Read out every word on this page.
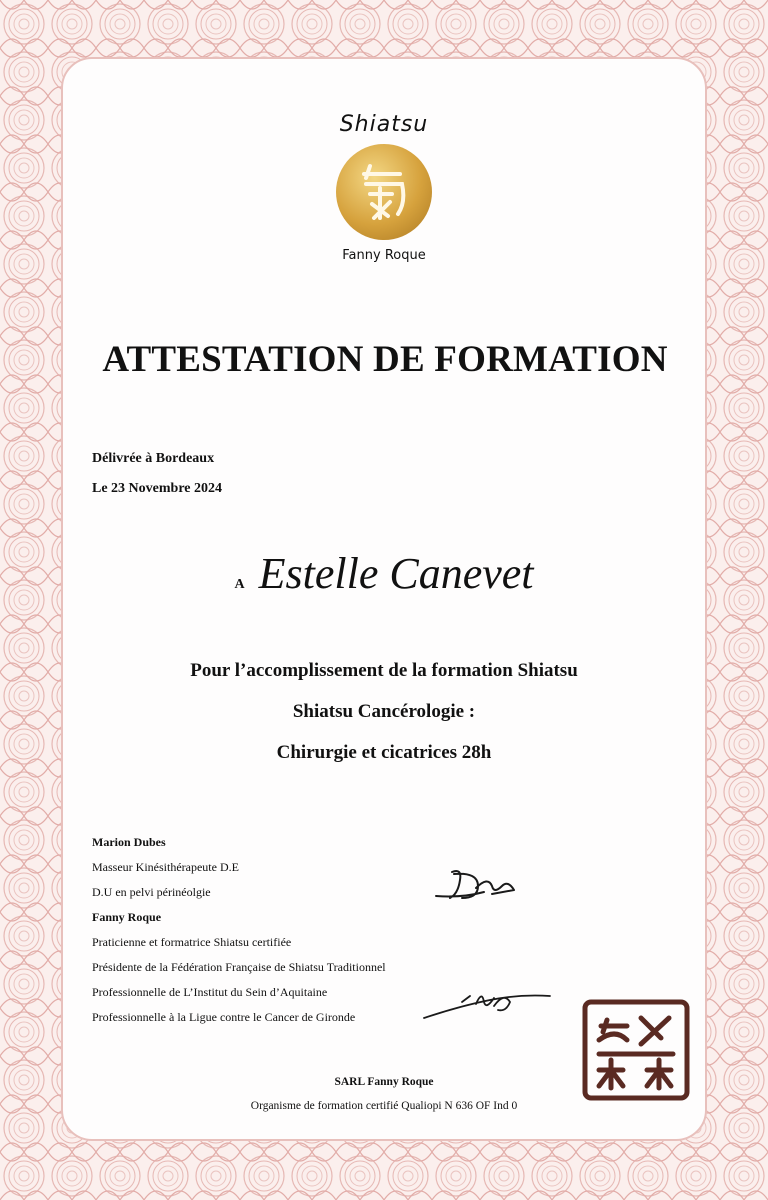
Shiatsu
Fanny Roque
ATTESTATION DE FORMATION
Délivrée à Bordeaux
Le 23 Novembre 2024
A Estelle Canevet
Pour l’accomplissement de la formation Shiatsu
Shiatsu Cancérologie :
Chirurgie et cicatrices 28h
Marion Dubes
Masseur Kinésithérapeute D.E
D.U en pelvi périnéolgie
Fanny Roque
Praticienne et formatrice Shiatsu certifiée
Présidente de la Fédération Française de Shiatsu Traditionnel
Professionnelle de L’Institut du Sein d’Aquitaine
Professionnelle à la Ligue contre le Cancer de Gironde
SARL Fanny Roque
Organisme de formation certifié Qualiopi N 636 OF Ind 0
